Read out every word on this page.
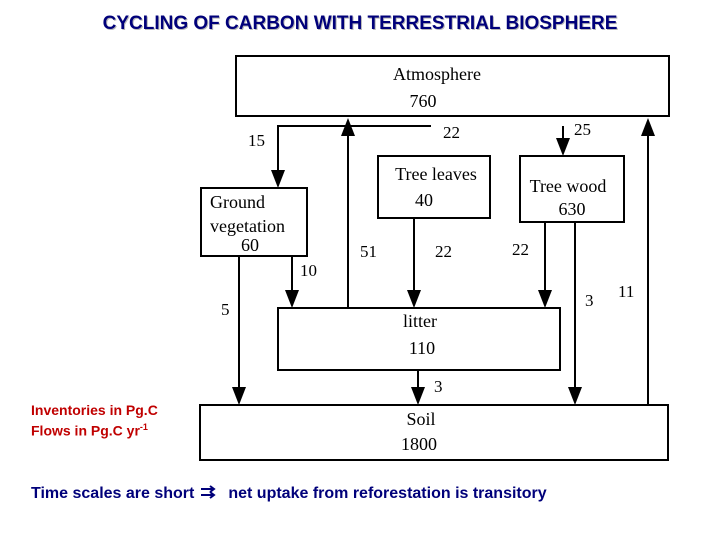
CYCLING OF CARBON WITH TERRESTRIAL BIOSPHERE
Atmosphere
760
Tree leaves
40
Tree wood
630
Ground
vegetation
60
litter
110
Soil
1800
15	22	25
10
51	22	22
5
3
3 11
Inventories in Pg.C
Flows in Pg.C $yr^{-1}$
Time scales are short net uptake from reforestation is transitory
